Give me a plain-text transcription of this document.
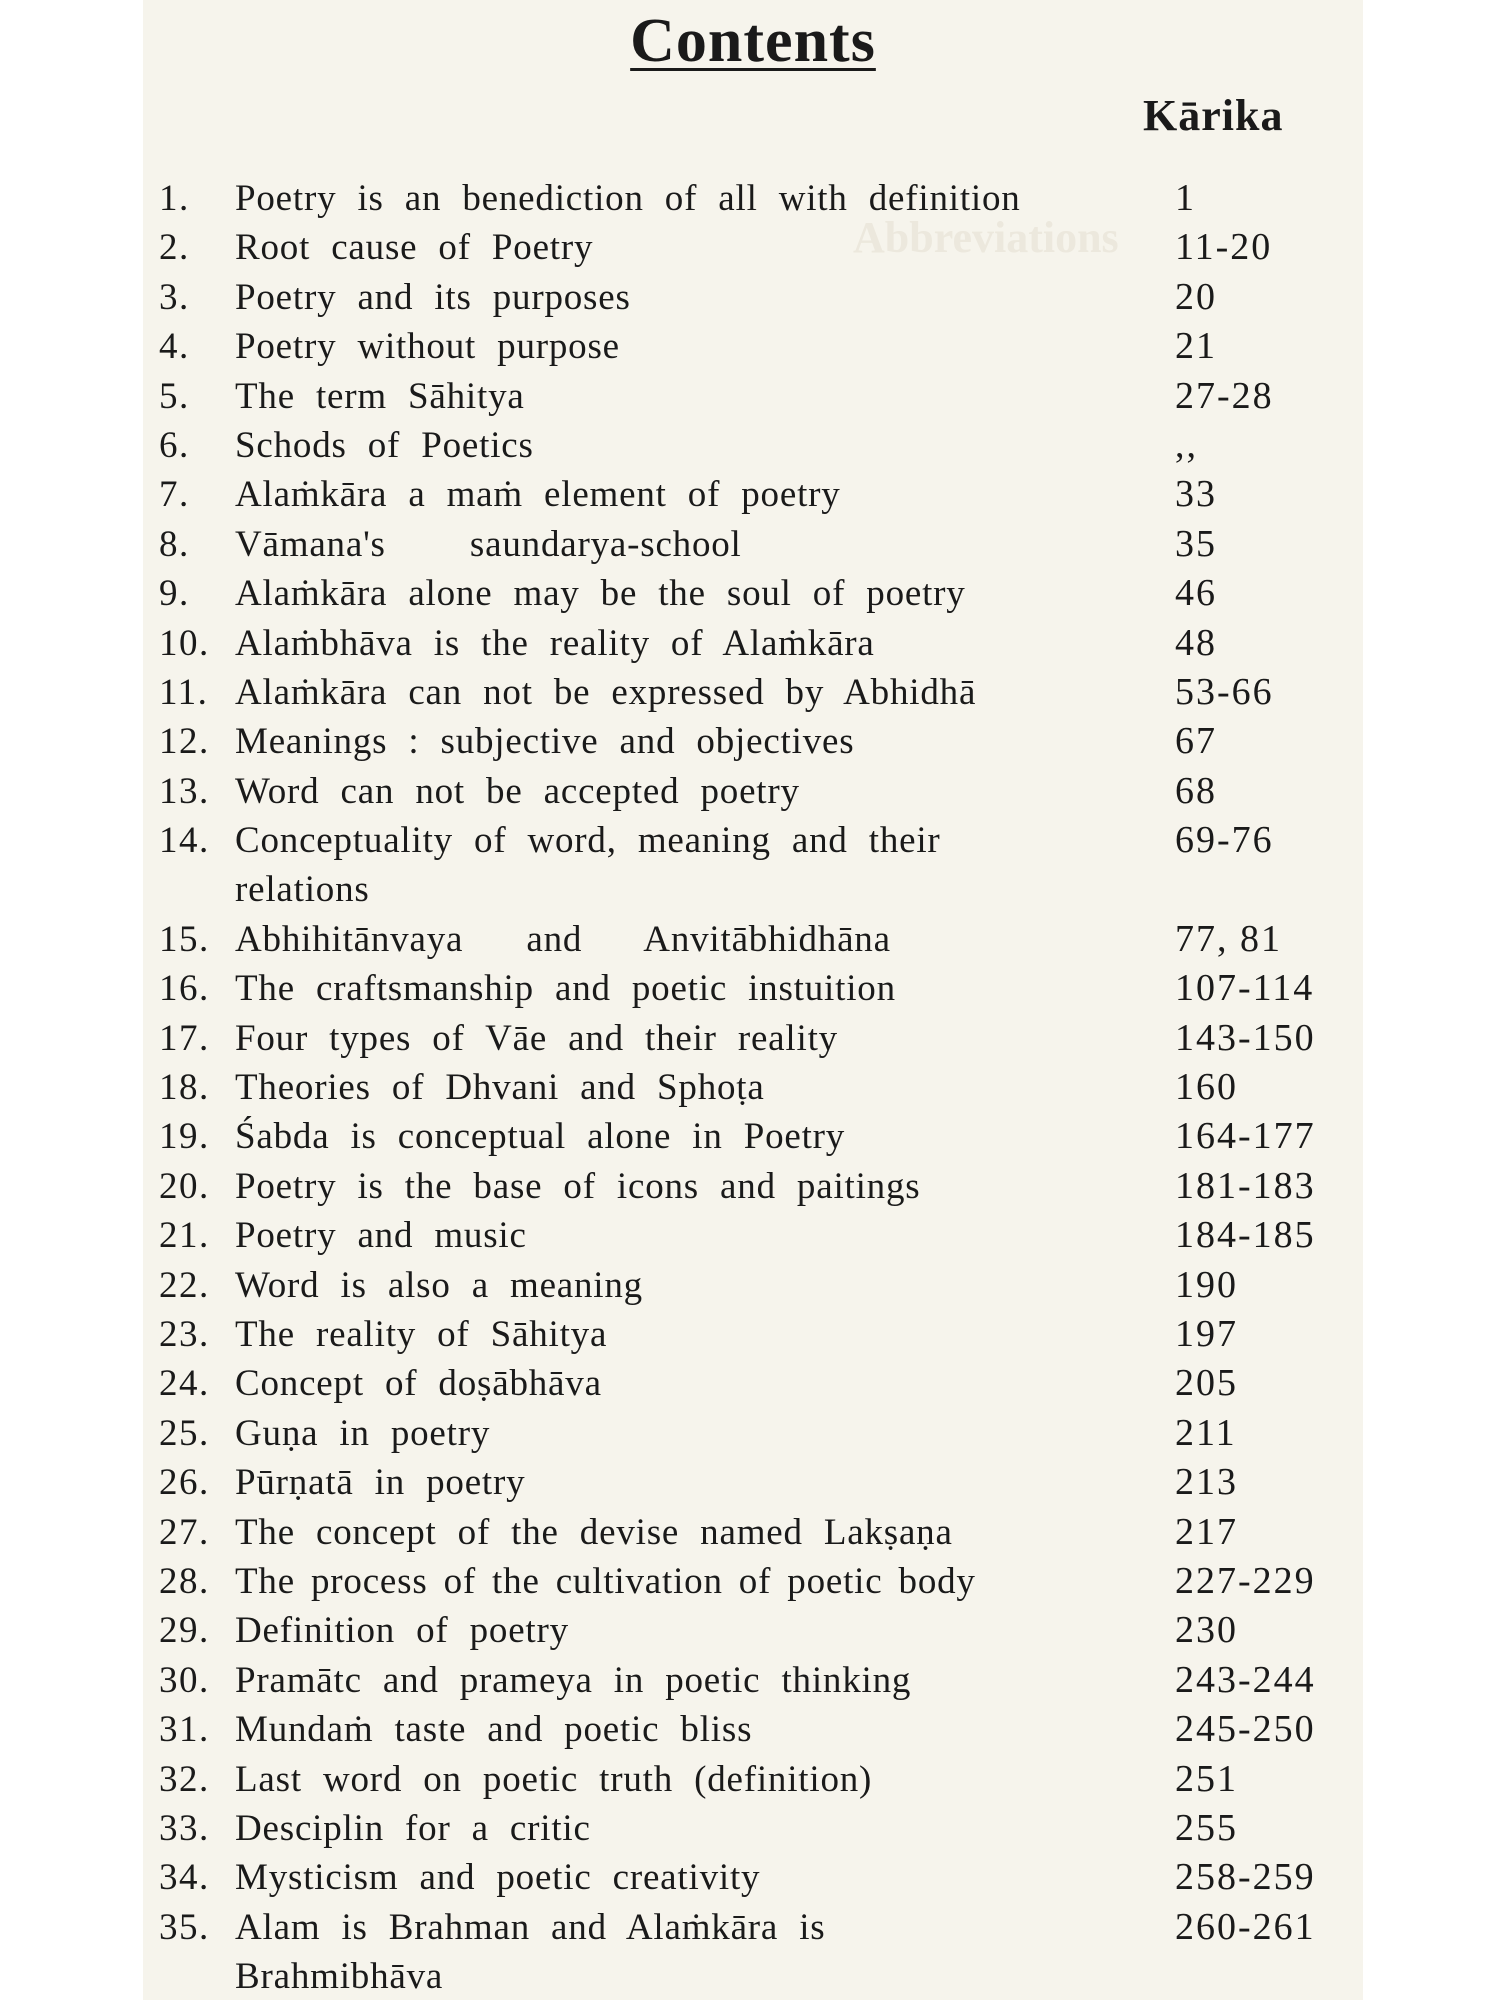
Abbreviations
Contents
Kārika
1.	Poetry is an benediction of all with definition	1
2.	Root cause of Poetry	11-20
3.	Poetry and its purposes	20
4.	Poetry without purpose	21
5.	The term Sāhitya	27-28
6.	Schods of Poetics	,,
7.	Alaṁkāra a maṁ element of poetry	33
8.	Vāmana's    saundarya-school	35
9.	Alaṁkāra alone may be the soul of poetry	46
10. Alaṁbhāva is the reality of Alaṁkāra	48
11. Alaṁkāra can not be expressed by Abhidhā	53-66
12. Meanings : subjective and objectives	67
13. Word can not be accepted poetry	68
14. Conceptuality of word, meaning and their relations
69-76
15. Abhihitānvaya   and   Anvitābhidhāna	77, 81
16. The craftsmanship and poetic instuition	107-114
17. Four types of Vāe and their reality	143-150
18. Theories of Dhvani and Sphoṭa	160
19. Śabda is conceptual alone in Poetry	164-177
20. Poetry is the base of icons and paitings	181-183
21. Poetry and music	184-185
22. Word is also a meaning	190
23. The reality of Sāhitya	197
24. Concept of doṣābhāva	205
25. Guṇa in poetry	211
26. Pūrṇatā in poetry	213
27. The concept of the devise named Lakṣaṇa	217
28. The process of the cultivation of poetic body	227-229
29. Definition of poetry	230
30. Pramātc and prameya in poetic thinking	243-244
31. Mundaṁ taste and poetic bliss	245-250
32. Last word on poetic truth (definition)	251
33. Desciplin for a critic	255
34. Mysticism and poetic creativity	258-259
35. Alam is Brahman and Alaṁkāra is Brahmibhāva
260-261
